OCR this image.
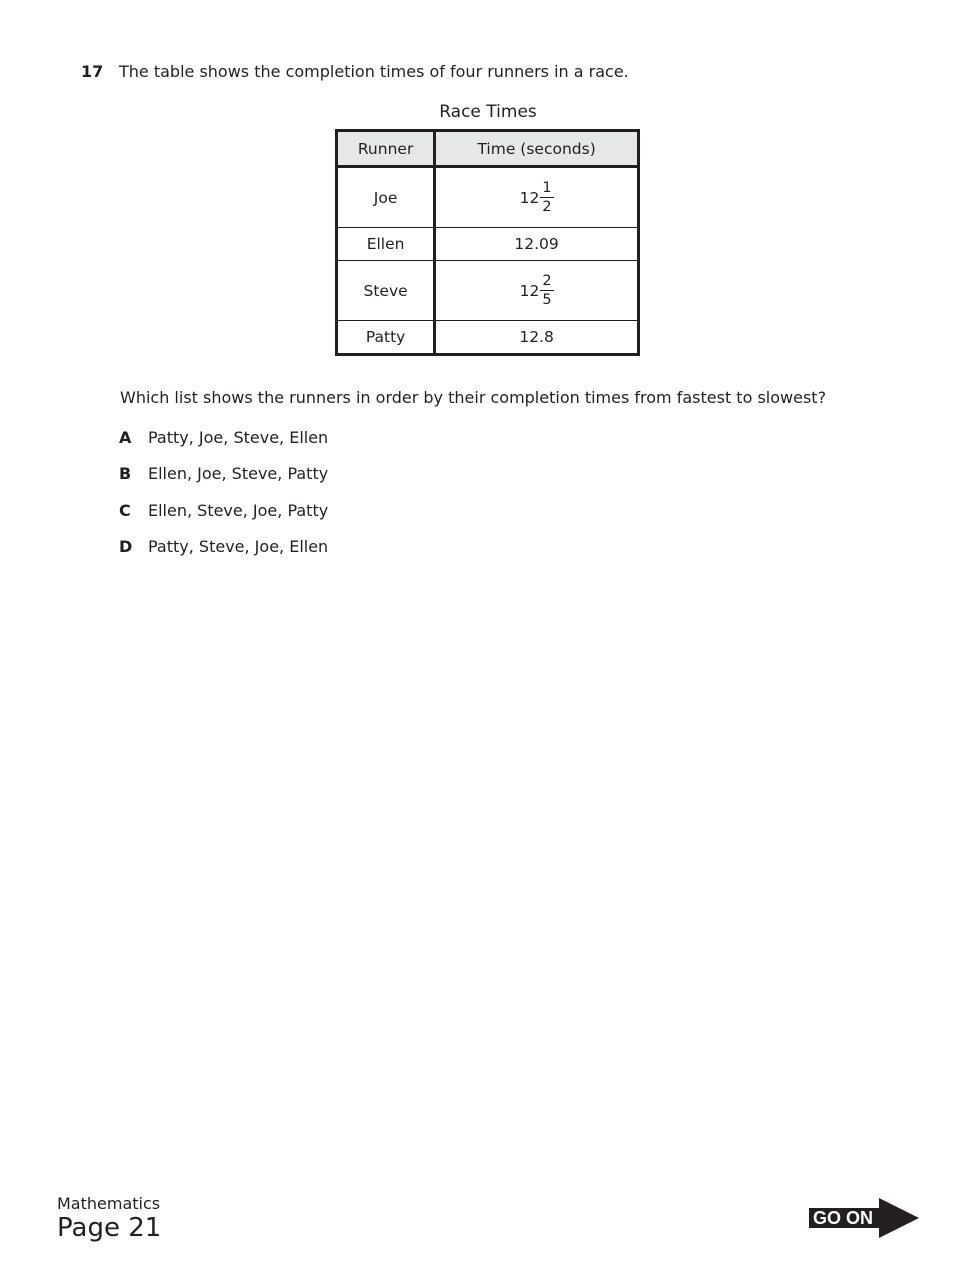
17 The table shows the completion times of four runners in a race.
Race Times
Runner	Time (seconds)
Joe	$12 \frac{1}{2}$

Ellen	12.09
Steve	$12 \frac{2}{5}$

Patty	12.8
Which list shows the runners in order by their completion times from fastest to slowest?
A Patty, Joe, Steve, Ellen
B Ellen, Joe, Steve, Patty
C Ellen, Steve, Joe, Patty
D Patty, Steve, Joe, Ellen
Mathematics
Page 21	GO ON
